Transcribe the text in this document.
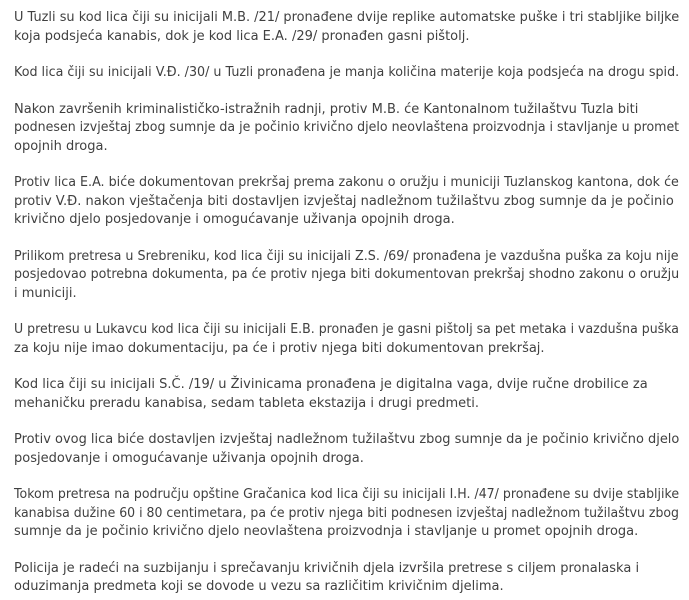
U Tuzli su kod lica čiji su inicijali M.B. /21/ pronađene dvije replike automatske puške i tri stabljike biljke
koja podsjeća kanabis, dok je kod lica E.A. /29/ pronađen gasni pištolj.

Kod lica čiji su inicijali V.Đ. /30/ u Tuzli pronađena je manja količina materije koja podsjeća na drogu spid.

Nakon završenih kriminalističko-istražnih radnji, protiv M.B. će Kantonalnom tužilaštvu Tuzla biti
podnesen izvještaj zbog sumnje da je počinio krivično djelo neovlaštena proizvodnja i stavljanje u promet
opojnih droga.

Protiv lica E.A. biće dokumentovan prekršaj prema zakonu o oružju i municiji Tuzlanskog kantona, dok će
protiv V.Đ. nakon vještačenja biti dostavljen izvještaj nadležnom tužilaštvu zbog sumnje da je počinio
krivično djelo posjedovanje i omogućavanje uživanja opojnih droga.

Prilikom pretresa u Srebreniku, kod lica čiji su inicijali Z.S. /69/ pronađena je vazdušna puška za koju nije
posjedovao potrebna dokumenta, pa će protiv njega biti dokumentovan prekršaj shodno zakonu o oružju
i municiji.

U pretresu u Lukavcu kod lica čiji su inicijali E.B. pronađen je gasni pištolj sa pet metaka i vazdušna puška
za koju nije imao dokumentaciju, pa će i protiv njega biti dokumentovan prekršaj.

Kod lica čiji su inicijali S.Č. /19/ u Živinicama pronađena je digitalna vaga, dvije ručne drobilice za
mehaničku preradu kanabisa, sedam tableta ekstazija i drugi predmeti.

Protiv ovog lica biće dostavljen izvještaj nadležnom tužilaštvu zbog sumnje da je počinio krivično djelo
posjedovanje i omogućavanje uživanja opojnih droga.

Tokom pretresa na području opštine Gračanica kod lica čiji su inicijali I.H. /47/ pronađene su dvije stabljike
kanabisa dužine 60 i 80 centimetara, pa će protiv njega biti podnesen izvještaj nadležnom tužilaštvu zbog
sumnje da je počinio krivično djelo neovlaštena proizvodnja i stavljanje u promet opojnih droga.

Policija je radeći na suzbijanju i sprečavanju krivičnih djela izvršila pretrese s ciljem pronalaska i
oduzimanja predmeta koji se dovode u vezu sa različitim krivičnim djelima.
